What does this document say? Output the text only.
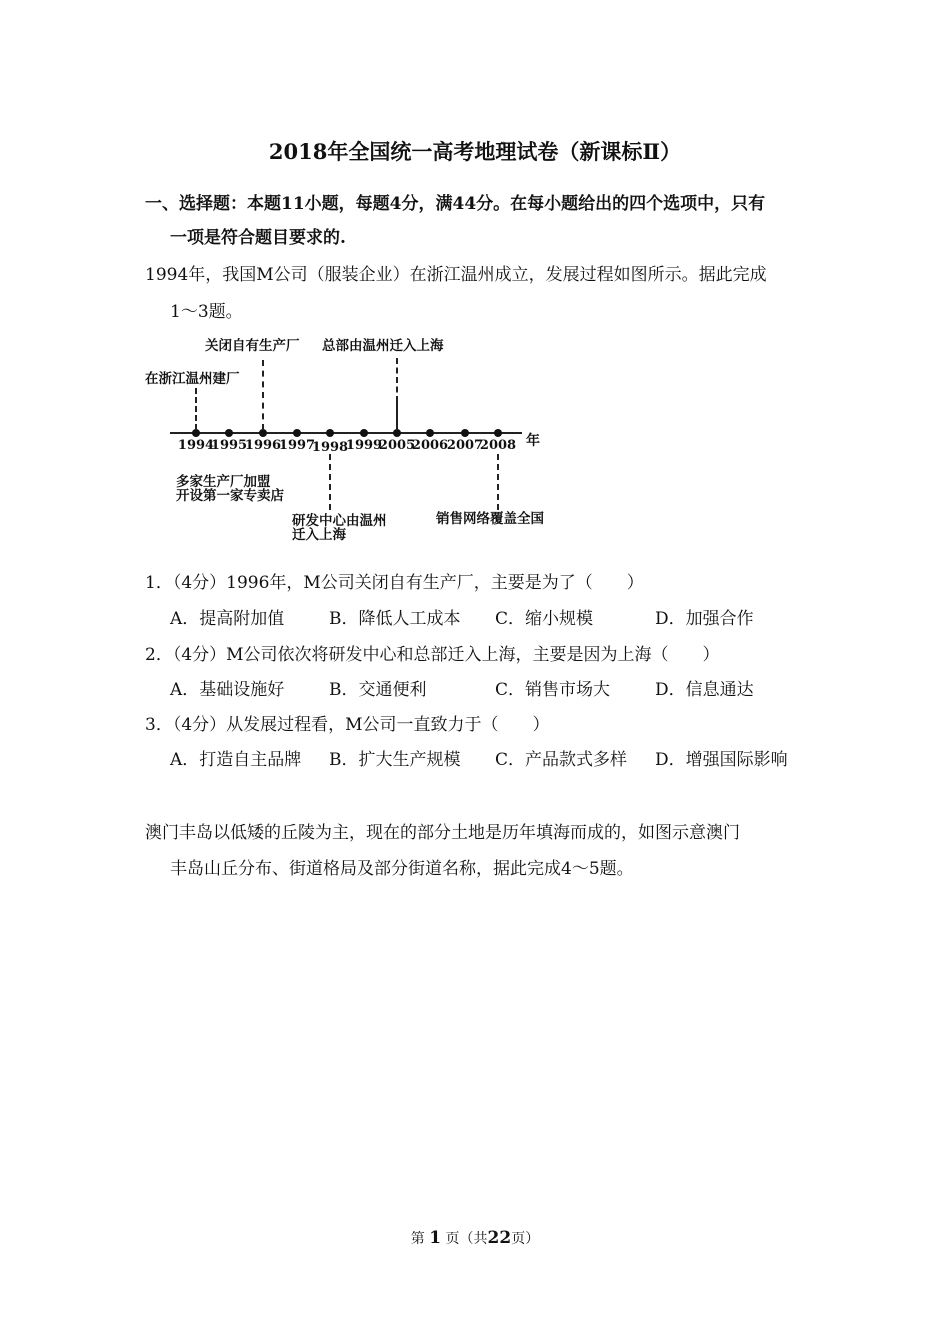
2018年全国统一高考地理试卷（新课标Ⅱ）
一、选择题：本题11小题，每题4分，满44分。在每小题给出的四个选项中，只有
一项是符合题目要求的.
1994年，我国M公司（服装企业）在浙江温州成立，发展过程如图所示。据此完成
1～3题。
1994
1995
1996
1997
1998
1999
2005
2006
2007
2008 年
在浙江温州建厂
关闭自有生产厂 总部由温州迁入上海
多家生产厂加盟
开设第一家专卖店
研发中心由温州
迁入上海
销售网络覆盖全国
1．（4分）1996年，M公司关闭自有生产厂，主要是为了（　　）
A．提高附加值	B．降低人工成本 C．缩小规模	D．加强合作
2．（4分）M公司依次将研发中心和总部迁入上海，主要是因为上海（　　）
A．基础设施好	B．交通便利	C．销售市场大	D．信息通达
3．（4分）从发展过程看，M公司一直致力于（　　）
A．打造自主品牌 B．扩大生产规模 C．产品款式多样 D．增强国际影响
澳门丰岛以低矮的丘陵为主，现在的部分土地是历年填海而成的，如图示意澳门
丰岛山丘分布、街道格局及部分街道名称，据此完成4～5题。
第 1 页（共22页）
